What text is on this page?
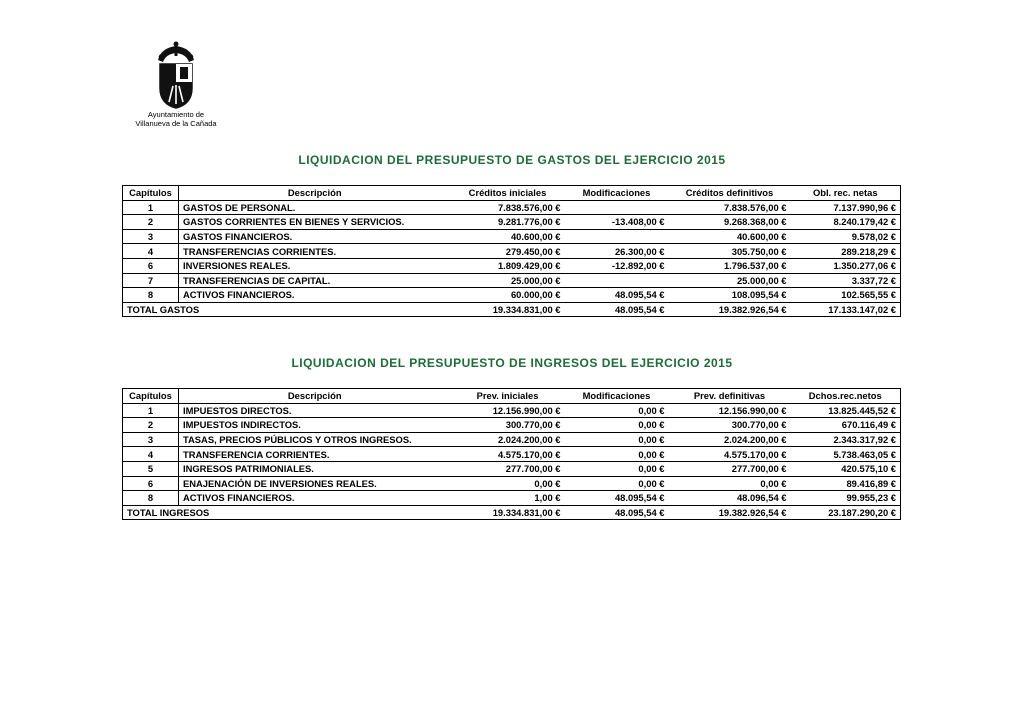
Ayuntamiento de
Villanueva de la Cañada
LIQUIDACION DEL PRESUPUESTO DE GASTOS DEL EJERCICIO 2015
Capítulos	Descripción	Créditos iniciales	Modificaciones	Créditos definitivos	Obl. rec. netas
1	GASTOS DE PERSONAL.	7.838.576,00 €		7.838.576,00 €	7.137.990,96 €
2	GASTOS CORRIENTES EN BIENES Y SERVICIOS.	9.281.776,00 €	-13.408,00 €	9.268.368,00 €	8.240.179,42 €
3	GASTOS FINANCIEROS.	40.600,00 €		40.600,00 €	9.578,02 €
4	TRANSFERENCIAS CORRIENTES.	279.450,00 €	26.300,00 €	305.750,00 €	289.218,29 €
6	INVERSIONES REALES.	1.809.429,00 €	-12.892,00 €	1.796.537,00 €	1.350.277,06 €
7	TRANSFERENCIAS DE CAPITAL.	25.000,00 €		25.000,00 €	3.337,72 €
8	ACTIVOS FINANCIEROS.	60.000,00 €	48.095,54 €	108.095,54 €	102.565,55 €
TOTAL GASTOS		19.334.831,00 €	48.095,54 €	19.382.926,54 €	17.133.147,02 €
LIQUIDACION DEL PRESUPUESTO DE INGRESOS DEL EJERCICIO 2015
Capítulos	Descripción	Prev. iniciales	Modificaciones	Prev. definitivas	Dchos.rec.netos
1	IMPUESTOS DIRECTOS.	12.156.990,00 €	0,00 €	12.156.990,00 €	13.825.445,52 €
2	IMPUESTOS INDIRECTOS.	300.770,00 €	0,00 €	300.770,00 €	670.116,49 €
3	TASAS, PRECIOS PÚBLICOS Y OTROS INGRESOS.	2.024.200,00 €	0,00 €	2.024.200,00 €	2.343.317,92 €
4	TRANSFERENCIA CORRIENTES.	4.575.170,00 €	0,00 €	4.575.170,00 €	5.738.463,05 €
5	INGRESOS PATRIMONIALES.	277.700,00 €	0,00 €	277.700,00 €	420.575,10 €
6	ENAJENACIÓN DE INVERSIONES REALES.	0,00 €	0,00 €	0,00 €	89.416,89 €
8	ACTIVOS FINANCIEROS.	1,00 €	48.095,54 €	48.096,54 €	99.955,23 €
TOTAL INGRESOS		19.334.831,00 €	48.095,54 €	19.382.926,54 €	23.187.290,20 €
